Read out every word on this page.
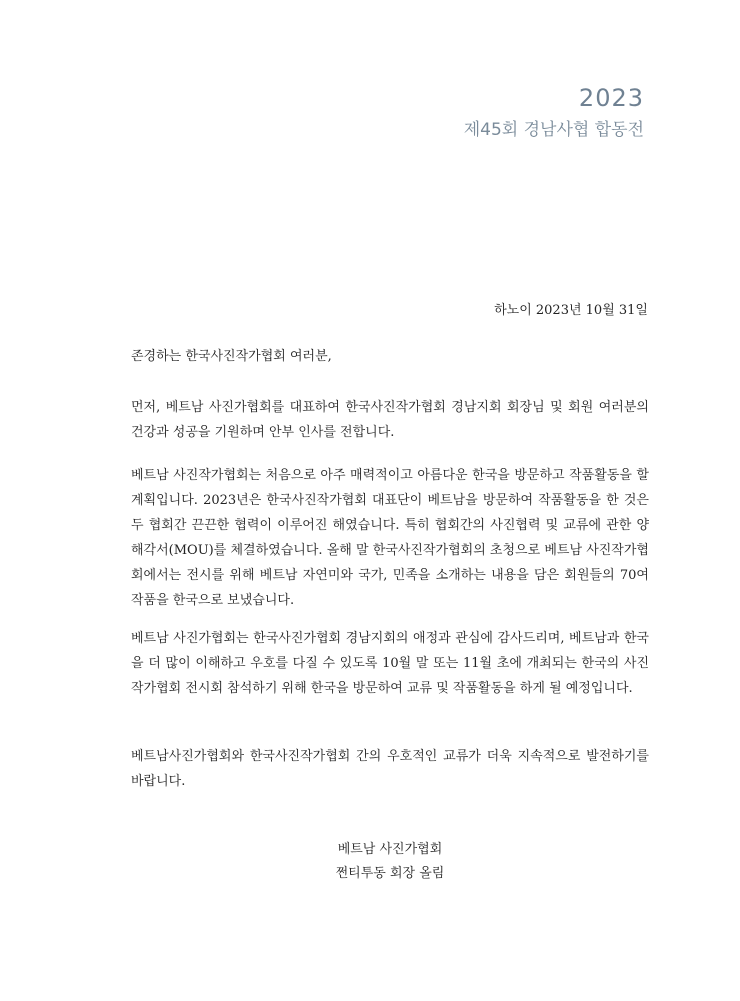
2023

제45회 경남사협 합동전

하노이 2023년 10월 31일

존경하는 한국사진작가협회 여러분,

먼저, 베트남 사진가협회를 대표하여 한국사진작가협회 경남지회 회장님 및 회원 여러분의 건강과 성공을 기원하며 안부 인사를 전합니다.

베트남 사진작가협회는 처음으로 아주 매력적이고 아름다운 한국을 방문하고 작품활동을 할 계획입니다. 2023년은 한국사진작가협회 대표단이 베트남을 방문하여 작품활동을 한 것은 두 협회간 끈끈한 협력이 이루어진 해였습니다. 특히 협회간의 사진협력 및 교류에 관한 양해각서(MOU)를 체결하였습니다. 올해 말 한국사진작가협회의 초청으로 베트남 사진작가협회에서는 전시를 위해 베트남 자연미와 국가, 민족을 소개하는 내용을 담은 회원들의 70여 작품을 한국으로 보냈습니다.

베트남 사진가협회는 한국사진가협회 경남지회의 애정과 관심에 감사드리며, 베트남과 한국을 더 많이 이해하고 우호를 다질 수 있도록 10월 말 또는 11월 초에 개최되는 한국의 사진작가협회 전시회 참석하기 위해 한국을 방문하여 교류 및 작품활동을 하게 될 예정입니다.

베트남사진가협회와 한국사진작가협회 간의 우호적인 교류가 더욱 지속적으로 발전하기를 바랍니다.

베트남 사진가협회
쩐티투동 회장 올림
